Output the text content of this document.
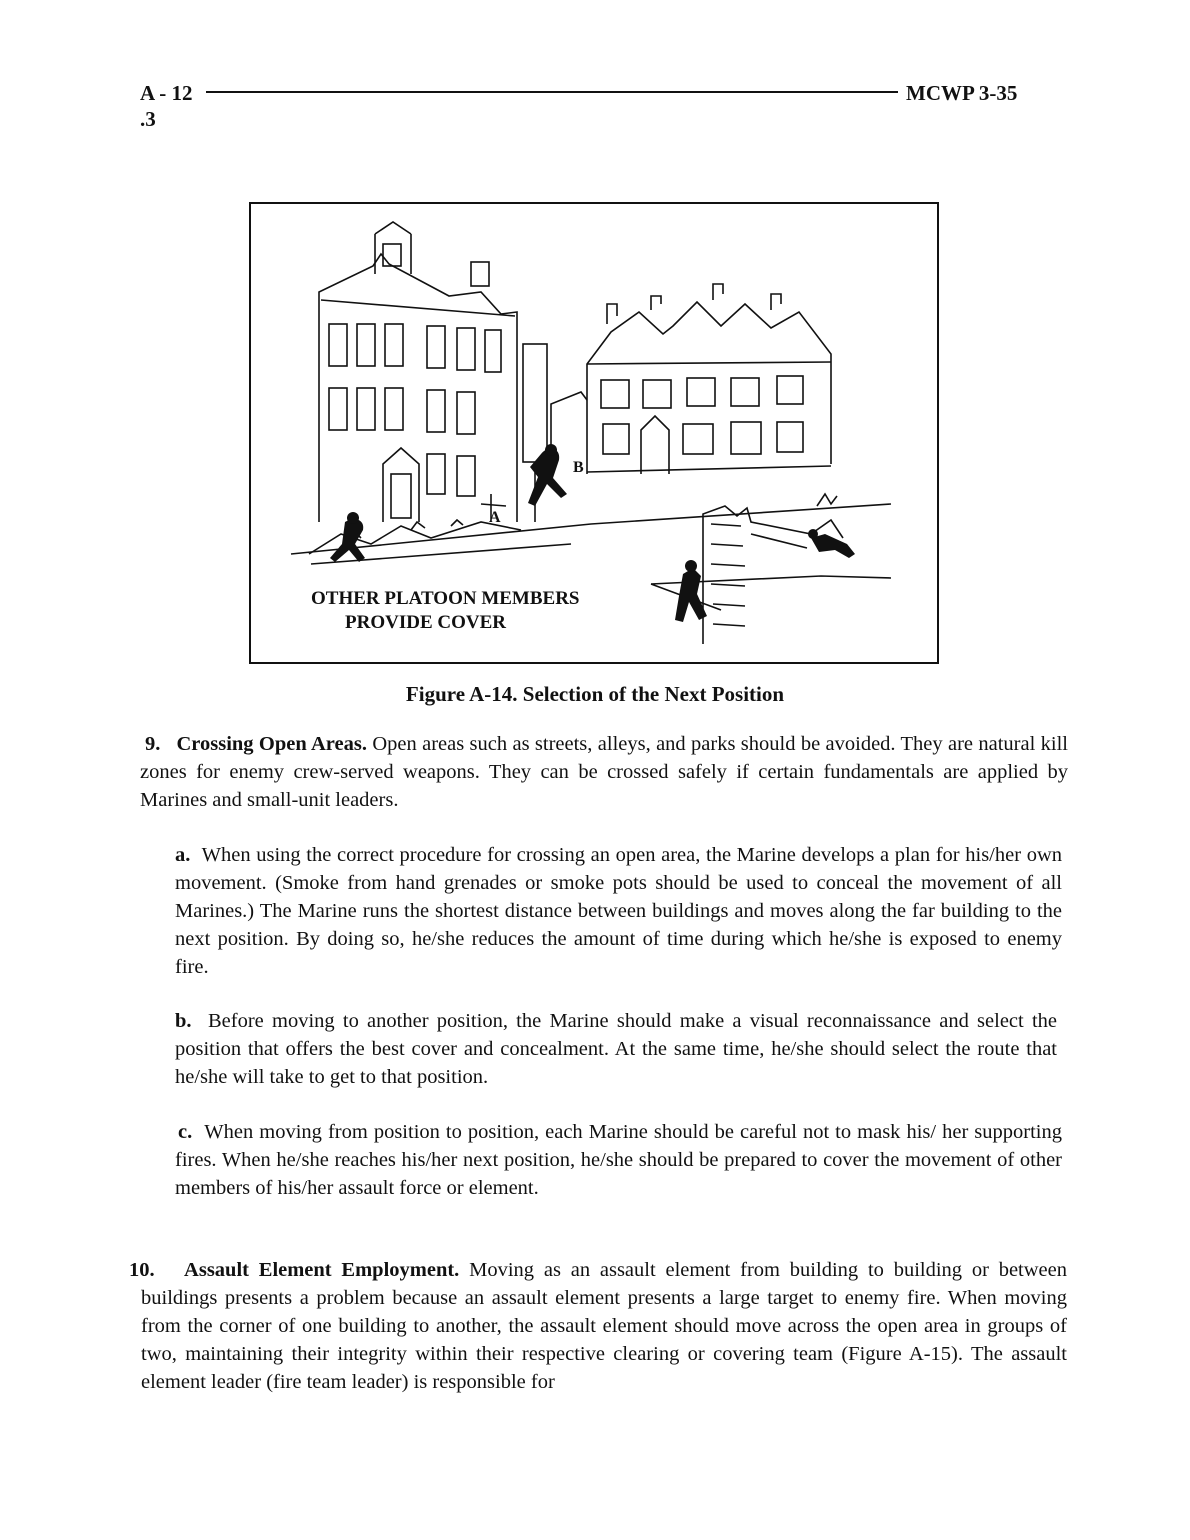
A - 12
.3
MCWP 3-35
A
B
OTHER PLATOON MEMBERS
PROVIDE COVER
Figure A-14. Selection of the Next Position

9. Crossing Open Areas. Open areas such as streets, alleys, and parks should be avoided. They are natural kill zones for enemy crew-served weapons. They can be crossed safely if certain fundamentals are applied by Marines and small-unit leaders.

a. When using the correct procedure for crossing an open area, the Marine develops a plan for his/her own movement. (Smoke from hand grenades or smoke pots should be used to conceal the movement of all Marines.) The Marine runs the shortest distance between buildings and moves along the far building to the next position. By doing so, he/she reduces the amount of time during which he/she is exposed to enemy fire.

b. Before moving to another position, the Marine should make a visual reconnaissance and select the position that offers the best cover and concealment. At the same time, he/she should select the route that he/she will take to get to that position.

c. When moving from position to position, each Marine should be careful not to mask his/ her supporting fires. When he/she reaches his/her next position, he/she should be prepared to cover the movement of other members of his/her assault force or element.

10. Assault Element Employment. Moving as an assault element from building to building or between buildings presents a problem because an assault element presents a large target to enemy fire. When moving from the corner of one building to another, the assault element should move across the open area in groups of two, maintaining their integrity within their respective clearing or covering team (Figure A-15). The assault element leader (fire team leader) is responsible for
